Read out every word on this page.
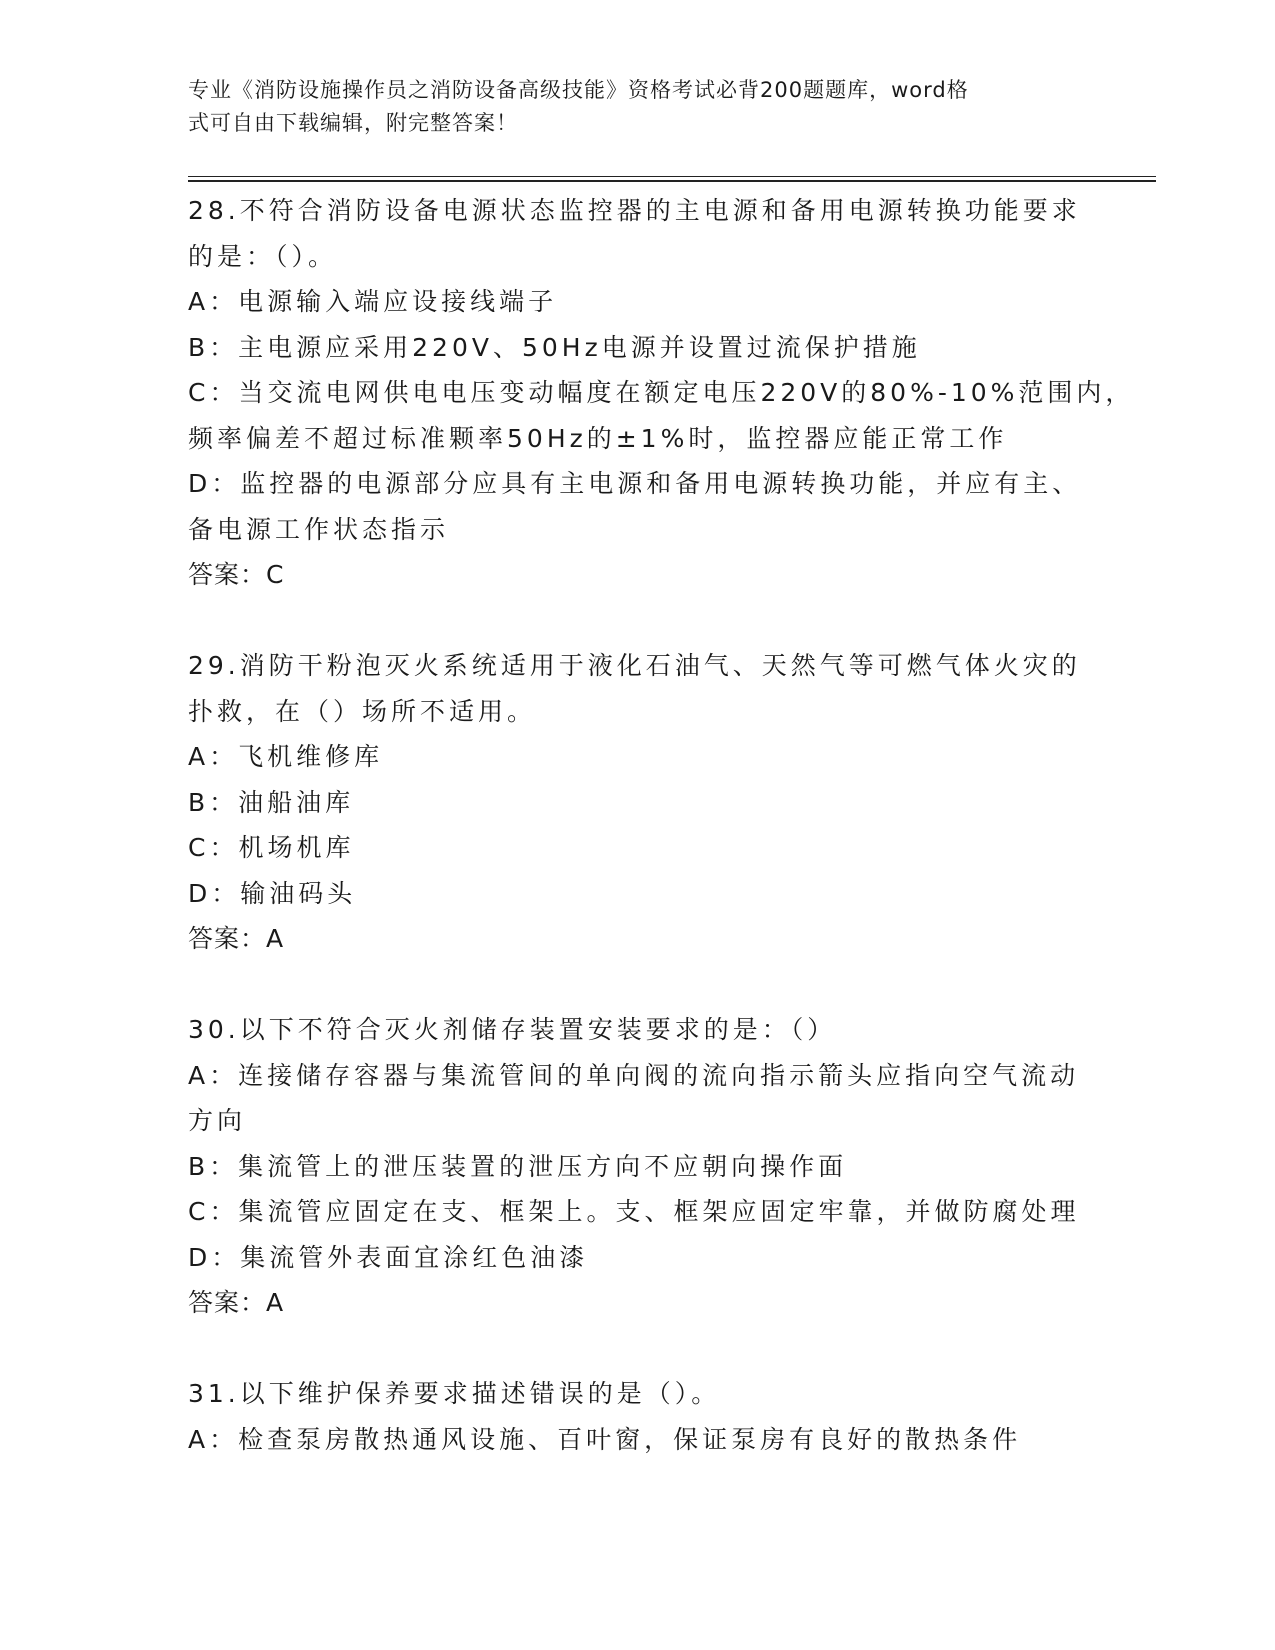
专业《消防设施操作员之消防设备高级技能》资格考试必背200题题库，word格
式可自由下载编辑，附完整答案！
28.不符合消防设备电源状态监控器的主电源和备用电源转换功能要求
的是：（）。
A：电源输入端应设接线端子
B：主电源应采用220V、50Hz电源并设置过流保护措施
C：当交流电网供电电压变动幅度在额定电压220V的80%-10%范围内，
频率偏差不超过标准颗率50Hz的±1%时，监控器应能正常工作
D：监控器的电源部分应具有主电源和备用电源转换功能，并应有主、
备电源工作状态指示
答案：C
29.消防干粉泡灭火系统适用于液化石油气、天然气等可燃气体火灾的
扑救，在（）场所不适用。
A：飞机维修库
B：油船油库
C：机场机库
D：输油码头
答案：A
30.以下不符合灭火剂储存装置安装要求的是：（）
A：连接储存容器与集流管间的单向阀的流向指示箭头应指向空气流动
方向
B：集流管上的泄压装置的泄压方向不应朝向操作面
C：集流管应固定在支、框架上。支、框架应固定牢靠，并做防腐处理
D：集流管外表面宜涂红色油漆
答案：A
31.以下维护保养要求描述错误的是（）。
A：检查泵房散热通风设施、百叶窗，保证泵房有良好的散热条件
